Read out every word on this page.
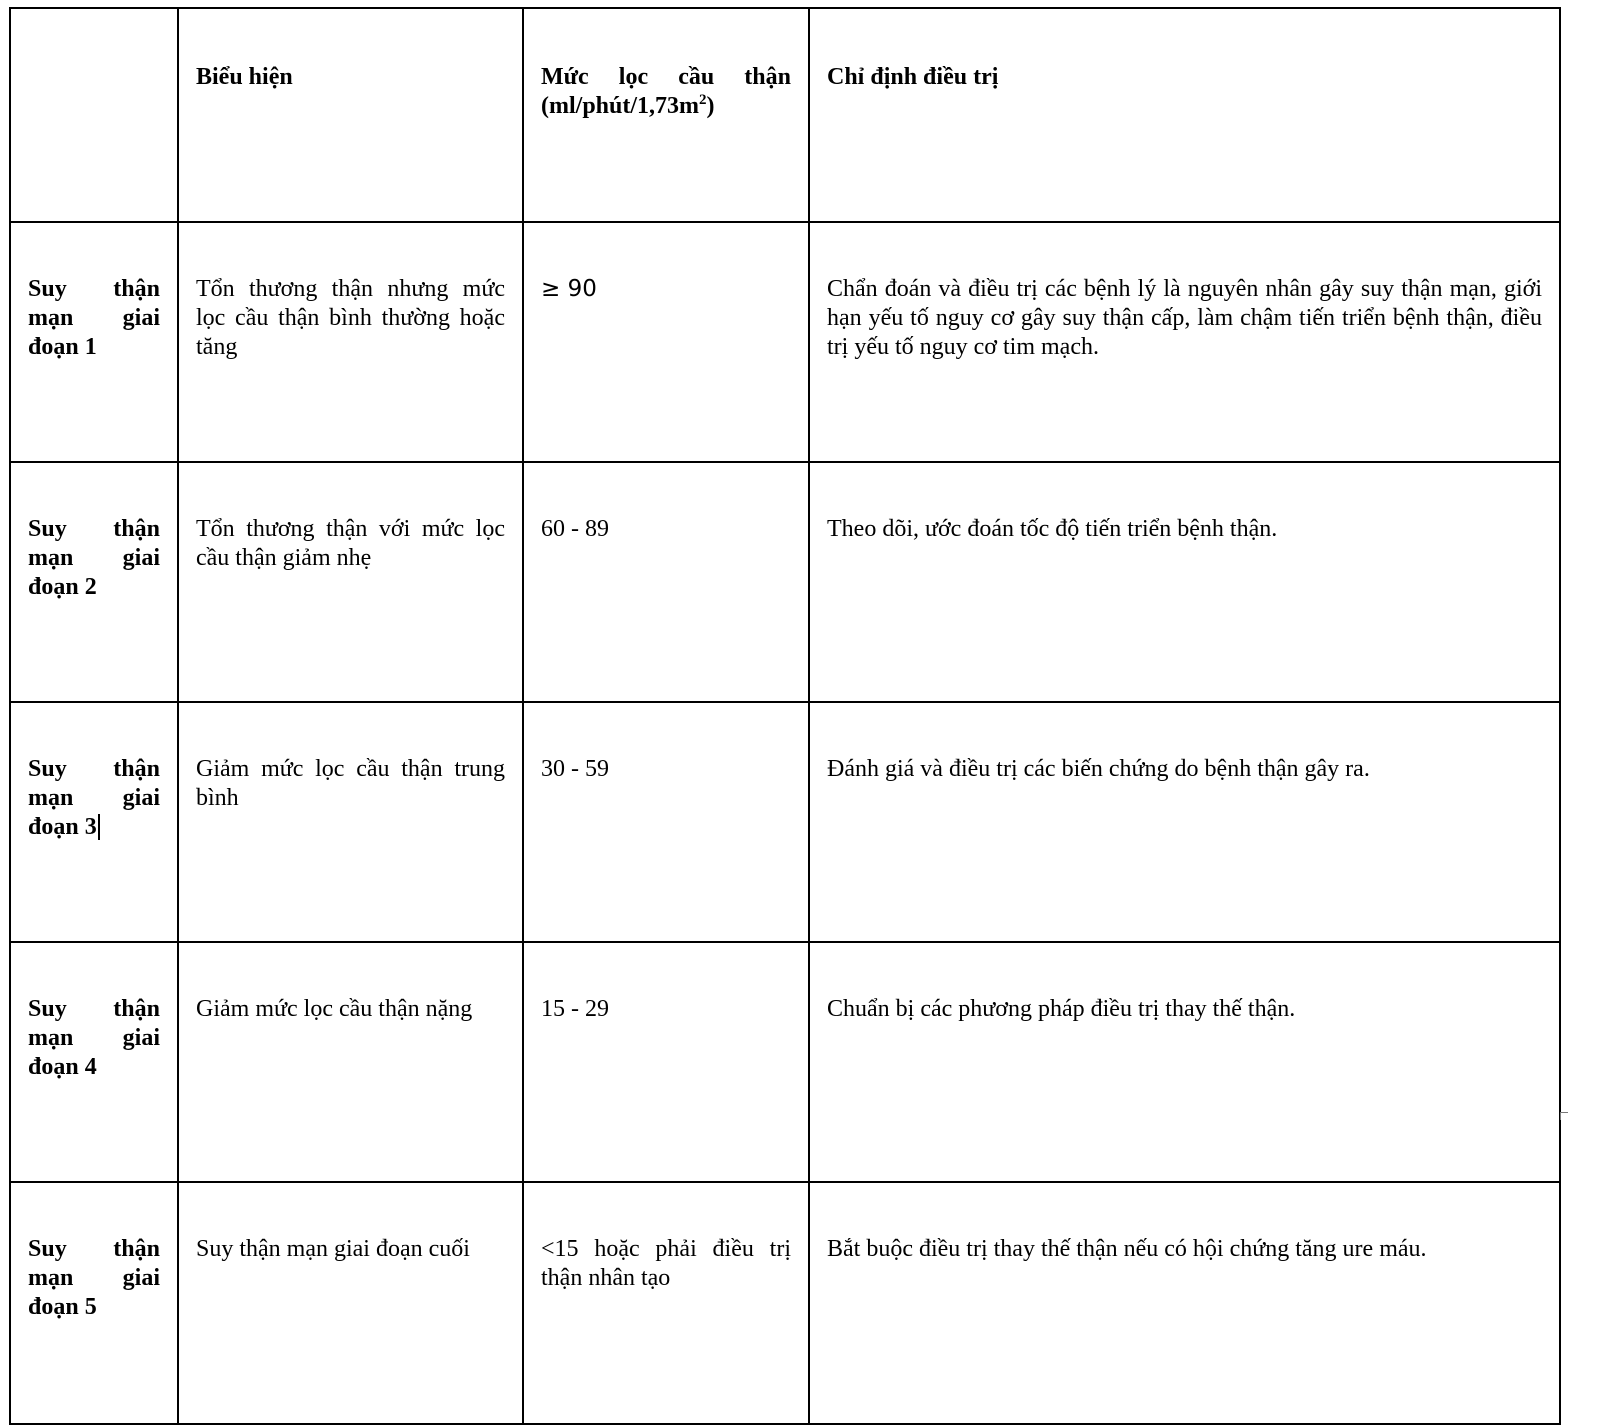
	Biểu hiện	Mức lọc cầu thận $(ml/phút/1,73m^2)$	Chỉ định điều trị

Suy thận mạn giai đoạn 1	Tổn thương thận nhưng mức lọc cầu thận bình thường hoặc tăng	≥ 90	Chẩn đoán và điều trị các bệnh lý là nguyên nhân gây suy thận mạn, giới hạn yếu tố nguy cơ gây suy thận cấp, làm chậm tiến triển bệnh thận, điều trị yếu tố nguy cơ tim mạch.

Suy thận mạn giai đoạn 2	Tổn thương thận với mức lọc cầu thận giảm nhẹ	60 - 89	Theo dõi, ước đoán tốc độ tiến triển bệnh thận.

Suy thận mạn giai đoạn 3	Giảm mức lọc cầu thận trung bình	30 - 59	Đánh giá và điều trị các biến chứng do bệnh thận gây ra.

Suy thận mạn giai đoạn 4	Giảm mức lọc cầu thận nặng	15 - 29	Chuẩn bị các phương pháp điều trị thay thế thận.

Suy thận mạn giai đoạn 5	Suy thận mạn giai đoạn cuối	<15 hoặc phải điều trị thận nhân tạo	Bắt buộc điều trị thay thế thận nếu có hội chứng tăng ure máu.
